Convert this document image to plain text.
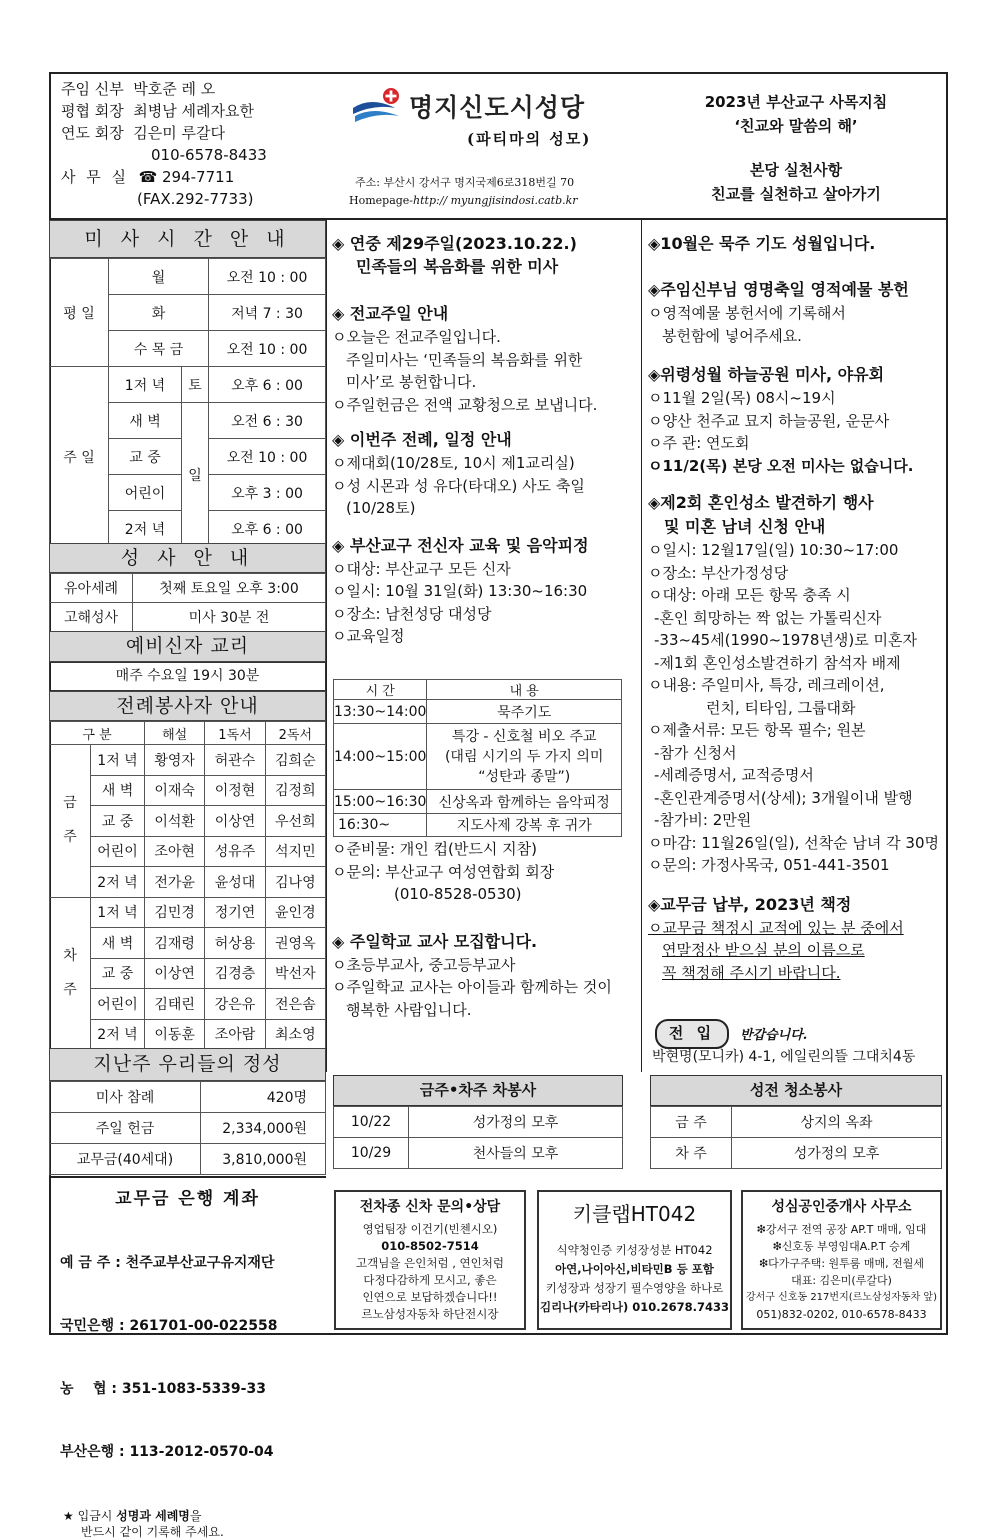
주임 신부 박호준 레 오
평협 회장 최병남 세례자요한
연도 회장 김은미 루갈다
010-6578-8433
사 무 실 ☎ 294-7711
(FAX.292-7733)
명지신도시성당
(파티마의 성모)
주소: 부산시 강서구 명지국제6로318번길 70
Homepage-http:// myungjisindosi.catb.kr
2023년 부산교구 사목지침
‘친교와 말씀의 해’
본당 실천사항
친교를 실천하고 살아가기
미 사 시 간 안 내
평 일	월		오전 10 : 00
	화		저녁 7 : 30
	수 목 금		오전 10 : 00
주 일	1저 녁	토	오후 6 : 00
	새 벽	일	오전 6 : 30
	교 중		오전 10 : 00
	어린이		오후 3 : 00
	2저 녁		오후 6 : 00
성 사 안 내
유아세례	첫째 토요일 오후 3:00
고해성사	미사 30분 전
예비신자 교리
매주 수요일 19시 30분
전례봉사자 안내
구 분		해설	1독서	2독서
금

주	1저 녁	황영자	허관수	김희순
	새 벽	이재숙	이정현	김정희
	교 중	이석환	이상연	우선희
	어린이	조아현	성유주	석지민
	2저 녁	전가윤	윤성대	김나영
차

주	1저 녁	김민경	정기연	윤인경
	새 벽	김재령	허상용	권영옥
	교 중	이상연	김경층	박선자
	어린이	김태린	강은유	전은솜
	2저 녁	이동훈	조아람	최소영
지난주 우리들의 정성
미사 참례	420명
주일 헌금	2,334,000원
교무금(40세대)	3,810,000원
교무금 은행 계좌

예 금 주 : 천주교부산교구유지재단

국민은행 : 261701-00-022558

농    협 : 351-1083-5339-33

부산은행 : 113-2012-0570-04

★ 입금시 성명과 세례명을
반드시 같이 기록해 주세요.
◈ 연중 제29주일(2023.10.22.)
민족들의 복음화를 위한 미사
◈ 전교주일 안내
ㅇ오늘은 전교주일입니다.
주일미사는 ‘민족들의 복음화를 위한
미사’로 봉헌합니다.
ㅇ주일헌금은 전액 교황청으로 보냅니다.
◈ 이번주 전례, 일정 안내
ㅇ제대회(10/28토, 10시 제1교리실)
ㅇ성 시몬과 성 유다(타대오) 사도 축일
(10/28토)
◈ 부산교구 전신자 교육 및 음악피정
ㅇ대상: 부산교구 모든 신자
ㅇ일시: 10월 31일(화) 13:30~16:30
ㅇ장소: 남천성당 대성당
ㅇ교육일정
시 간	내 용
13:30~14:00	묵주기도
14:00~15:00	특강 - 신호철 비오 주교
(대림 시기의 두 가지 의미
“성탄과 종말”)
15:00~16:30	신상옥과 함께하는 음악피정
16:30~	지도사제 강복 후 귀가
ㅇ준비물: 개인 컵(반드시 지참)
ㅇ문의: 부산교구 여성연합회 회장
(010-8528-0530)
◈ 주일학교 교사 모집합니다.
ㅇ초등부교사, 중고등부교사
ㅇ주일학교 교사는 아이들과 함께하는 것이
행복한 사람입니다.
◈10월은 묵주 기도 성월입니다.
◈주임신부님 영명축일 영적예물 봉헌
ㅇ영적예물 봉헌서에 기록해서
봉헌함에 넣어주세요.
◈위령성월 하늘공원 미사, 야유회
ㅇ11월 2일(목) 08시~19시
ㅇ양산 천주교 묘지 하늘공원, 운문사
ㅇ주 관: 연도회
ㅇ11/2(목) 본당 오전 미사는 없습니다.
◈제2회 혼인성소 발견하기 행사
및 미혼 남녀 신청 안내
ㅇ일시: 12월17일(일) 10:30~17:00
ㅇ장소: 부산가정성당
ㅇ대상: 아래 모든 항목 충족 시
-혼인 희망하는 짝 없는 가톨릭신자
-33~45세(1990~1978년생)로 미혼자
-제1회 혼인성소발견하기 참석자 배제
ㅇ내용: 주일미사, 특강, 레크레이션,
런치, 티타임, 그룹대화
ㅇ제출서류: 모든 항목 필수; 원본
-참가 신청서
-세례증명서, 교적증명서
-혼인관계증명서(상세); 3개월이내 발행
-참가비: 2만원
ㅇ마감: 11월26일(일), 선착순 남녀 각 30명
ㅇ문의: 가정사목국, 051-441-3501
◈교무금 납부, 2023년 책정
ㅇ교무금 책정시 교적에 있는 분 중에서
연말정산 받으실 분의 이름으로
꼭 책정해 주시기 바랍니다.
전 입	반갑습니다.
박현명(모니카) 4-1, 에일린의뜰 그대치4동
금주•차주 차봉사
10/22	성가정의 모후
10/29	천사들의 모후
성전 청소봉사
금 주	상지의 옥좌
차 주	성가정의 모후
전차종 신차 문의•상담
영업팀장 이건기(빈첸시오)
010-8502-7514
고객님을 은인처럼 , 연인처럼
다정다감하게 모시고, 좋은
인연으로 보답하겠습니다!!
르노삼성자동차 하단전시장
키클랩HT042
식약청인증 키성장성분 HT042
아연,나이아신,비타민B 등 포함
키성장과 성장기 필수영양을 하나로
김리나(카타리나) 010.2678.7433
성심공인중개사 사무소
❇강서구 전역 공장 AP.T 매매, 임대
❇신호동 부영임대A.P.T 승계
❇다가구주택: 원투룸 매매, 전월세
대표: 김은미(루갈다)
강서구 신호동 217번지(르노삼성자동차 앞)
051)832-0202, 010-6578-8433
